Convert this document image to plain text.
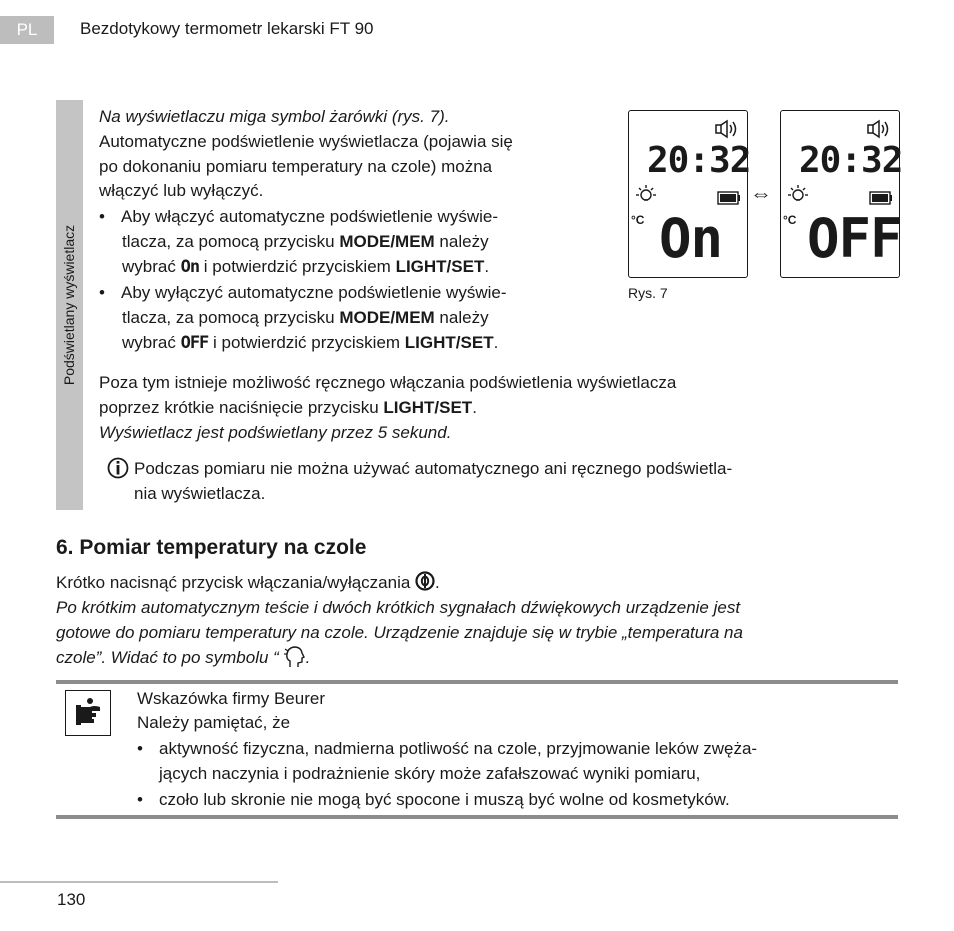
PL	Bezdotykowy termometr lekarski FT 90
Podświetlany wyświetlacz
Na wyświetlaczu miga symbol żarówki (rys. 7).
Automatyczne podświetlenie wyświetlacza (pojawia się
po dokonaniu pomiaru temperatury na czole) można
włączyć lub wyłączyć.
• Aby włączyć automatyczne podświetlenie wyświe-
tlacza, za pomocą przycisku MODE/MEM należy
wybrać On i potwierdzić przyciskiem LIGHT/SET.
• Aby wyłączyć automatyczne podświetlenie wyświe-
tlacza, za pomocą przycisku MODE/MEM należy
wybrać OFF i potwierdzić przyciskiem LIGHT/SET.
Poza tym istnieje możliwość ręcznego włączania podświetlenia wyświetlacza
poprzez krótkie naciśnięcie przycisku LIGHT/SET.
Wyświetlacz jest podświetlany przez 5 sekund.
Podczas pomiaru nie można używać automatycznego ani ręcznego podświetla-
nia wyświetlacza.
20:32
°C On
⇔
20:32
°C OFF
Rys. 7
6. Pomiar temperatury na czole
Krótko nacisnąć przycisk włączania/wyłączania .
Po krótkim automatycznym teście i dwóch krótkich sygnałach dźwiękowych urządzenie jest
gotowe do pomiaru temperatury na czole. Urządzenie znajduje się w trybie „temperatura na
czole”. Widać to po symbolu “ .
Wskazówka firmy Beurer
Należy pamiętać, że
• aktywność fizyczna, nadmierna potliwość na czole, przyjmowanie leków zwęża-
jących naczynia i podrażnienie skóry może zafałszować wyniki pomiaru,
• czoło lub skronie nie mogą być spocone i muszą być wolne od kosmetyków.
130
